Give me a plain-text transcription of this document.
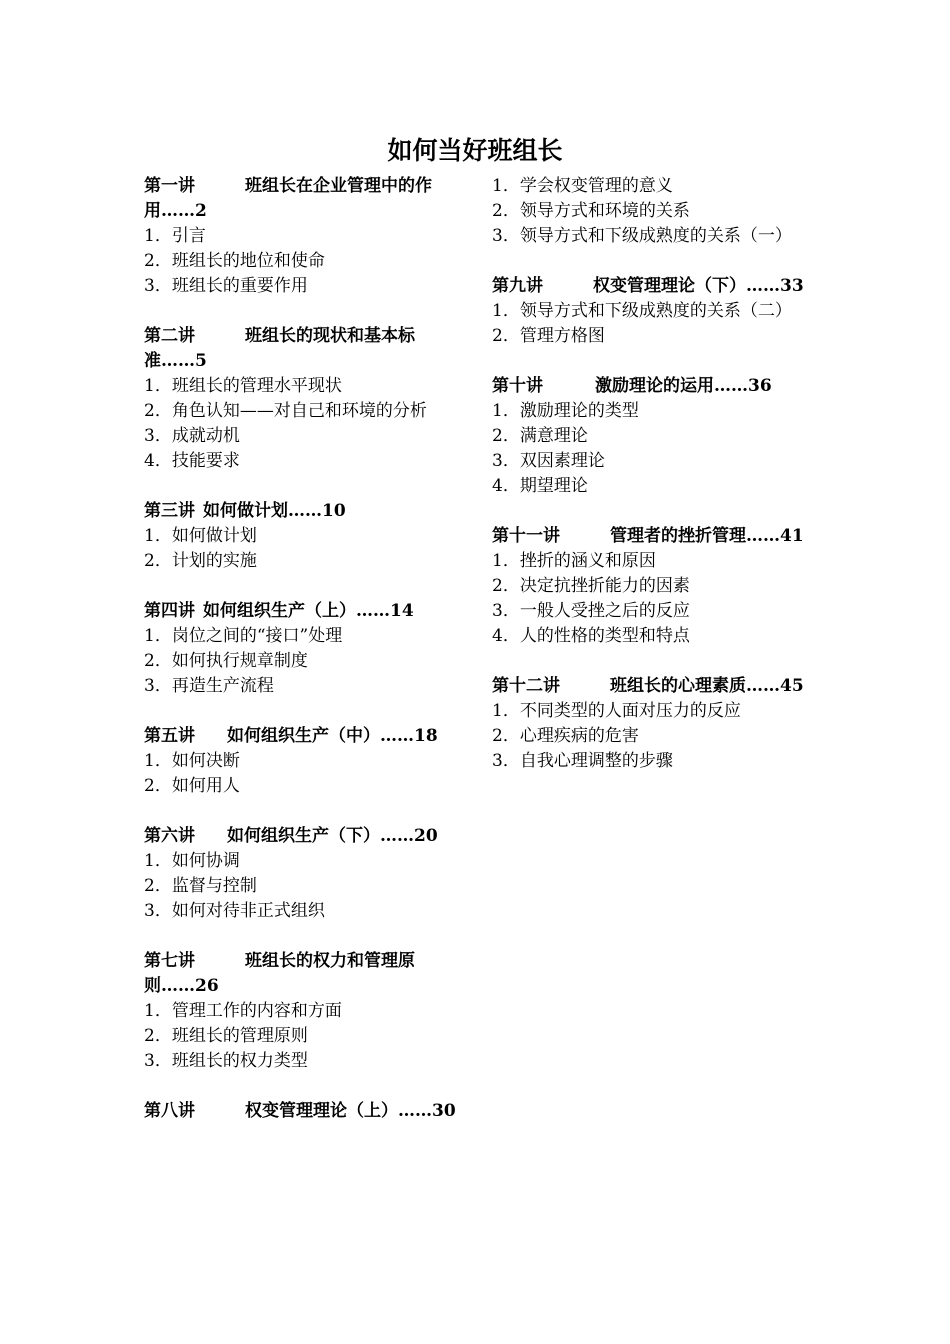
如何当好班组长

第一讲	班组长在企业管理中的作用……2

1．引言

2．班组长的地位和使命

3．班组长的重要作用

第二讲	班组长的现状和基本标准……5

1．班组长的管理水平现状

2．角色认知——对自己和环境的分析

3．成就动机

4．技能要求

第三讲 如何做计划……10

1．如何做计划

2．计划的实施

第四讲 如何组织生产（上）……14

1．岗位之间的“接口”处理

2．如何执行规章制度

3．再造生产流程

第五讲 如何组织生产（中）……18

1．如何决断

2．如何用人

第六讲 如何组织生产（下）……20

1．如何协调

2．监督与控制

3．如何对待非正式组织

第七讲	班组长的权力和管理原则……26

1．管理工作的内容和方面

2．班组长的管理原则

3．班组长的权力类型

第八讲	权变管理理论（上）……30

1．学会权变管理的意义

2．领导方式和环境的关系

3．领导方式和下级成熟度的关系（一）

第九讲	权变管理理论（下）……33

1．领导方式和下级成熟度的关系（二）

2．管理方格图

第十讲	激励理论的运用……36

1．激励理论的类型

2．满意理论

3．双因素理论

4．期望理论

第十一讲	管理者的挫折管理……41

1．挫折的涵义和原因

2．决定抗挫折能力的因素

3．一般人受挫之后的反应

4．人的性格的类型和特点

第十二讲	班组长的心理素质……45

1．不同类型的人面对压力的反应

2．心理疾病的危害

3．自我心理调整的步骤
